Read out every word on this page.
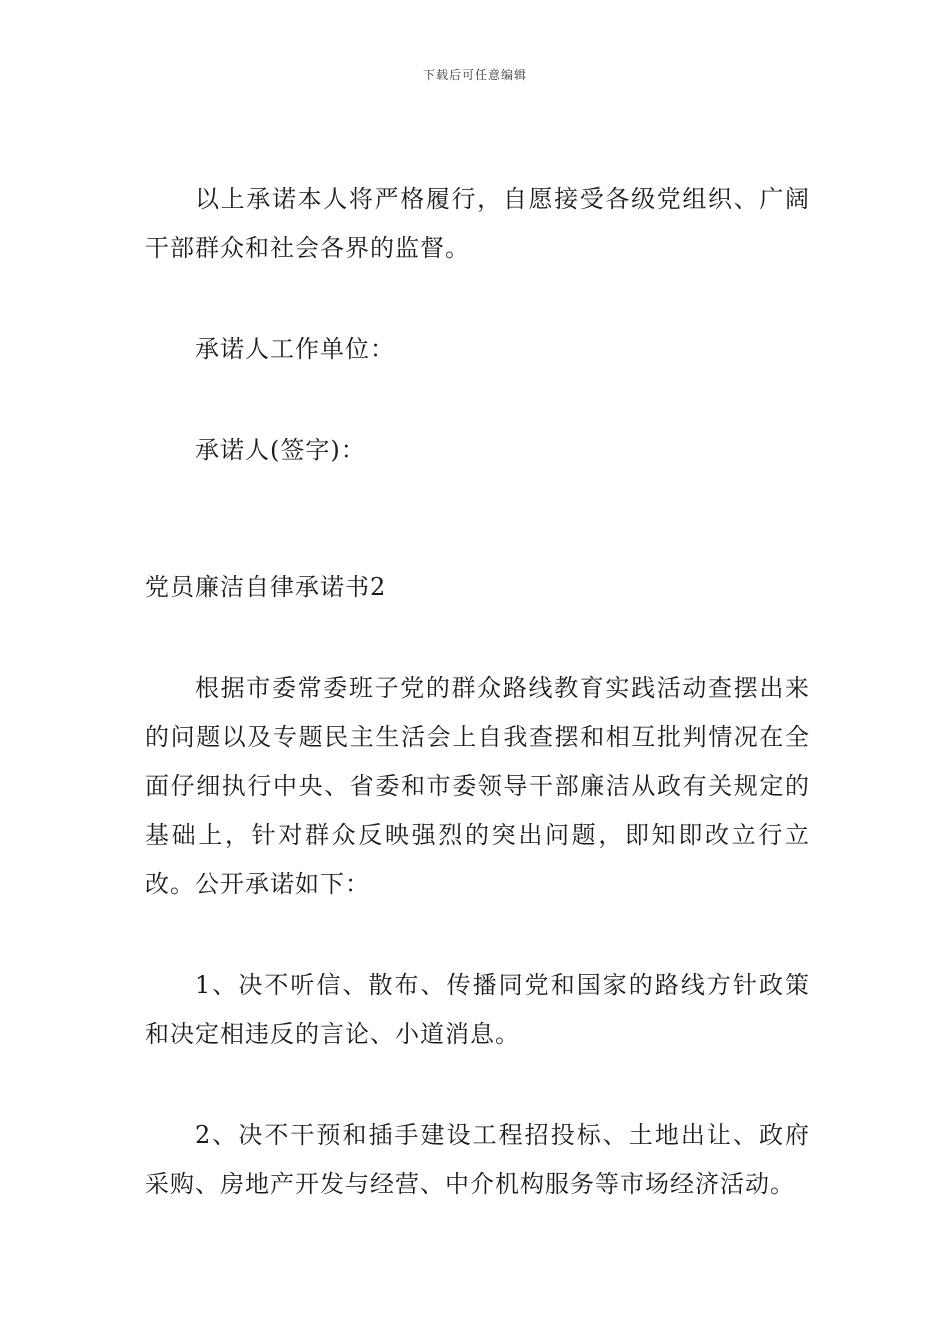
下载后可任意编辑

以上承诺本人将严格履行，自愿接受各级党组织、广阔干部群众和社会各界的监督。

承诺人工作单位：

承诺人(签字)：

党员廉洁自律承诺书2

根据市委常委班子党的群众路线教育实践活动查摆出来的问题以及专题民主生活会上自我查摆和相互批判情况在全面仔细执行中央、省委和市委领导干部廉洁从政有关规定的基础上，针对群众反映强烈的突出问题，即知即改立行立改。公开承诺如下：

1、决不听信、散布、传播同党和国家的路线方针政策和决定相违反的言论、小道消息。

2、决不干预和插手建设工程招投标、土地出让、政府采购、房地产开发与经营、中介机构服务等市场经济活动。
